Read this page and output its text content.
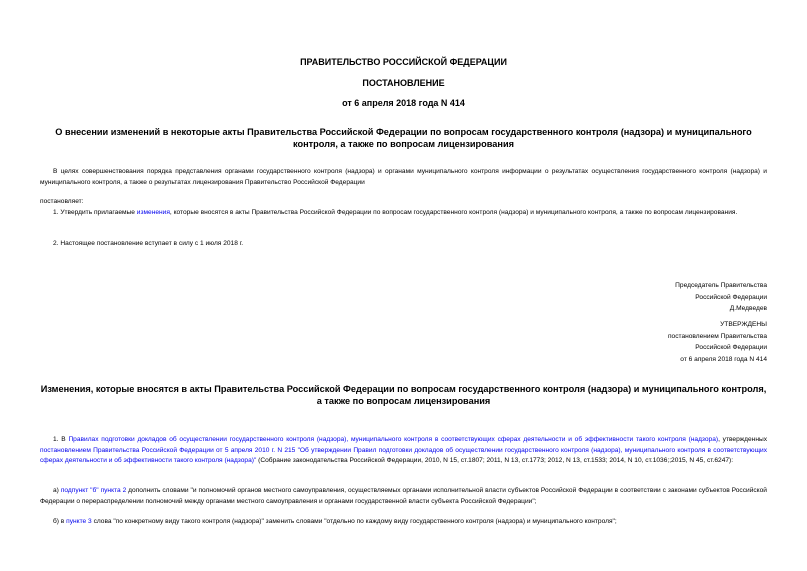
ПРАВИТЕЛЬСТВО РОССИЙСКОЙ ФЕДЕРАЦИИ
ПОСТАНОВЛЕНИЕ
от 6 апреля 2018 года N 414
О внесении изменений в некоторые акты Правительства Российской Федерации по вопросам государственного контроля (надзора) и муниципального контроля, а также по вопросам лицензирования
В целях совершенствования порядка представления органами государственного контроля (надзора) и органами муниципального контроля информации о результатах осуществления государственного контроля (надзора) и муниципального контроля, а также о результатах лицензирования Правительство Российской Федерации
постановляет:
1. Утвердить прилагаемые изменения, которые вносятся в акты Правительства Российской Федерации по вопросам государственного контроля (надзора) и муниципального контроля, а также по вопросам лицензирования.
2. Настоящее постановление вступает в силу с 1 июля 2018 г.
Председатель Правительства
Российской Федерации
Д.Медведев
УТВЕРЖДЕНЫ
постановлением Правительства
Российской Федерации
от 6 апреля 2018 года N 414
Изменения, которые вносятся в акты Правительства Российской Федерации по вопросам государственного контроля (надзора) и муниципального контроля, а также по вопросам лицензирования
1. В Правилах подготовки докладов об осуществлении государственного контроля (надзора), муниципального контроля в соответствующих сферах деятельности и об эффективности такого контроля (надзора), утвержденных постановлением Правительства Российской Федерации от 5 апреля 2010 г. N 215 "Об утверждении Правил подготовки докладов об осуществлении государственного контроля (надзора), муниципального контроля в соответствующих сферах деятельности и об эффективности такого контроля (надзора)" (Собрание законодательства Российской Федерации, 2010, N 15, ст.1807; 2011, N 13, ст.1773; 2012, N 13, ст.1533; 2014, N 10, ст.1036;;2015, N 45, ст.6247):
а) подпункт "б" пункта 2 дополнить словами "и полномочий органов местного самоуправления, осуществляемых органами исполнительной власти субъектов Российской Федерации в соответствии с законами субъектов Российской Федерации о перераспределении полномочий между органами местного самоуправления и органами государственной власти субъекта Российской Федерации";
б) в пункте 3 слова "по конкретному виду такого контроля (надзора)" заменить словами "отдельно по каждому виду государственного контроля (надзора) и муниципального контроля";
